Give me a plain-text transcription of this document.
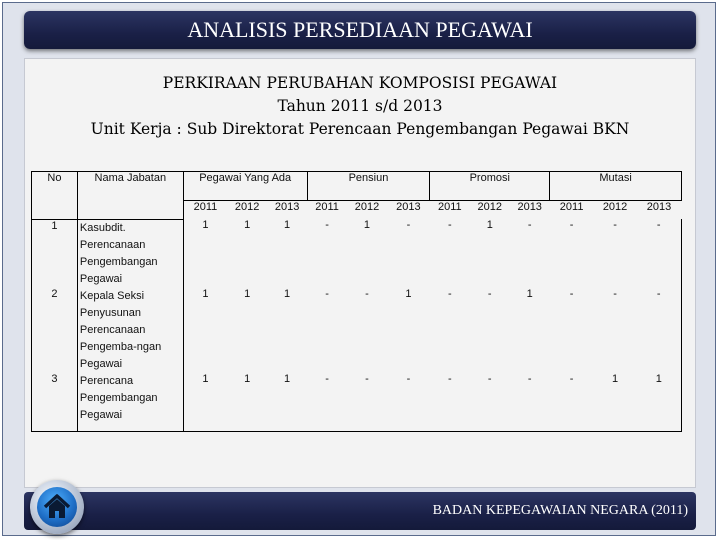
ANALISIS PERSEDIAAN PEGAWAI
PERKIRAAN PERUBAHAN KOMPOSISI PEGAWAI
Tahun 2011 s/d 2013
Unit Kerja : Sub Direktorat Perencaan Pengembangan Pegawai BKN
No	Nama Jabatan	Pegawai Yang Ada			Pensiun			Promosi			Mutasi		
		2011	2012	2013	2011	2012	2013	2011	2012	2013	2011	2012	2013
1	Kasubdit. Perencanaan Pengembangan Pegawai	1	1	1	-	1	-	-	1	-	-	-	-
2	Kepala Seksi Penyusunan Perencanaan Pengemba-ngan Pegawai	1	1	1	-	-	1	-	-	1	-	-	-
3	Perencana Pengembangan Pegawai	1	1	1	-	-	-	-	-	-	-	1	1
BADAN KEPEGAWAIAN NEGARA (2011)
